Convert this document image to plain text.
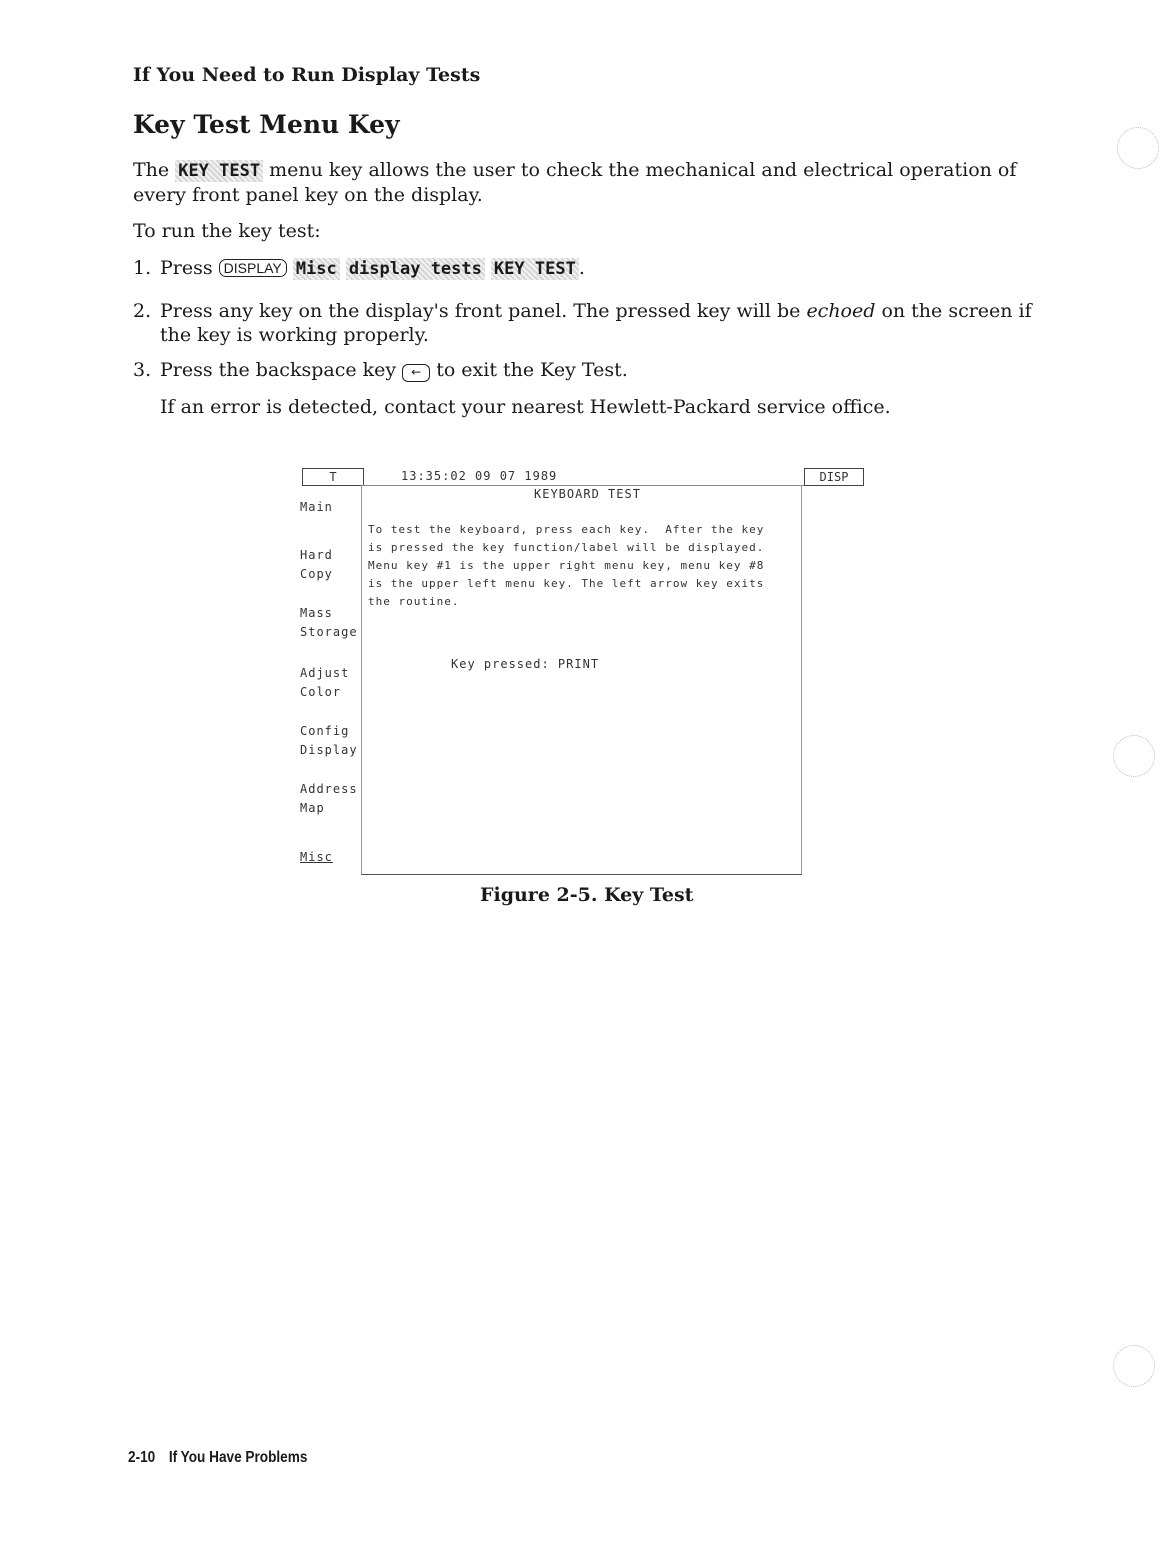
If You Need to Run Display Tests
Key Test Menu Key
The KEY TEST menu key allows the user to check the mechanical and electrical operation of every front panel key on the display.
To run the key test:
1. Press DISPLAY Misc display tests KEY TEST .
2. Press any key on the display's front panel. The pressed key will be echoed on the screen if the key is working properly.
3. Press the backspace key ← to exit the Key Test.
If an error is detected, contact your nearest Hewlett-Packard service office.
T	13:35:02 09 07 1989	DISP
KEYBOARD TEST
To test the keyboard, press each key.  After the key
is pressed the key function/label will be displayed.
Menu key #1 is the upper right menu key, menu key #8
is the upper left menu key. The left arrow key exits
the routine.
Key pressed: PRINT
Main
Hard
Copy
Mass
Storage
Adjust
Color
Config
Display
Address
Map
Misc
Figure 2-5. Key Test
2-10 If You Have Problems
